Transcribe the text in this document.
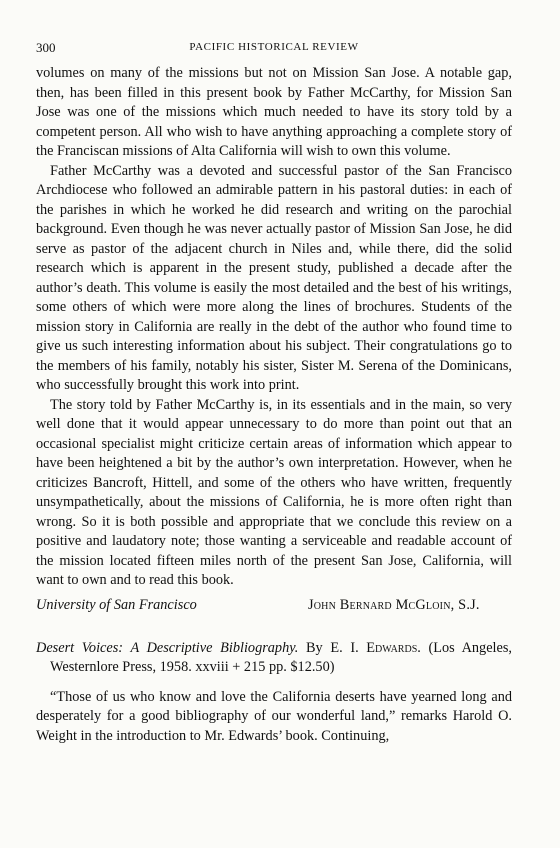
300	PACIFIC HISTORICAL REVIEW

volumes on many of the missions but not on Mission San Jose. A notable gap, then, has been filled in this present book by Father McCarthy, for Mission San Jose was one of the missions which much needed to have its story told by a competent person. All who wish to have anything approaching a complete story of the Franciscan missions of Alta California will wish to own this volume.

Father McCarthy was a devoted and successful pastor of the San Francisco Archdiocese who followed an admirable pattern in his pastoral duties: in each of the parishes in which he worked he did research and writing on the parochial background. Even though he was never actually pastor of Mission San Jose, he did serve as pastor of the adjacent church in Niles and, while there, did the solid research which is apparent in the present study, published a decade after the author’s death. This volume is easily the most detailed and the best of his writings, some others of which were more along the lines of brochures. Students of the mission story in California are really in the debt of the author who found time to give us such interesting information about his subject. Their congratulations go to the members of his family, notably his sister, Sister M. Serena of the Dominicans, who successfully brought this work into print.

The story told by Father McCarthy is, in its essentials and in the main, so very well done that it would appear unnecessary to do more than point out that an occasional specialist might criticize certain areas of information which appear to have been heightened a bit by the author’s own interpretation. However, when he criticizes Bancroft, Hittell, and some of the others who have written, frequently unsympathetically, about the missions of California, he is more often right than wrong. So it is both possible and appropriate that we conclude this review on a positive and laudatory note; those wanting a serviceable and readable account of the mission located fifteen miles north of the present San Jose, California, will want to own and to read this book.

University of San Francisco	John Bernard McGloin, S.J.
Desert Voices: A Descriptive Bibliography. By E. I. Edwards. (Los Angeles, Westernlore Press, 1958. xxviii + 215 pp. $12.50)

“Those of us who know and love the California deserts have yearned long and desperately for a good bibliography of our wonderful land,” remarks Harold O. Weight in the introduction to Mr. Edwards’ book. Continuing,
